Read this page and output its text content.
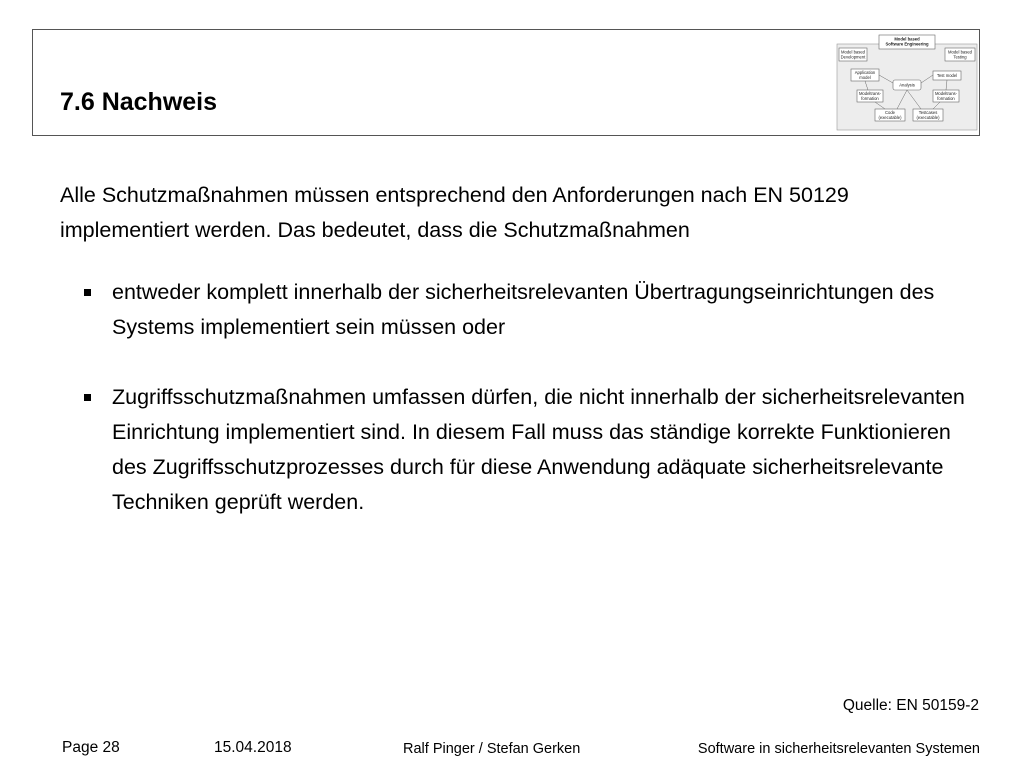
7.6 Nachweis
Model based
Software Engineering
Model based
Development
Model based
Testing
Application
model	Test model
Analysis
Modeltrans-
formation
Modeltrans-
formation
Code
(executable)
Testcases
(executable)

Alle Schutzmaßnahmen müssen entsprechend den Anforderungen nach EN 50129 implementiert werden. Das bedeutet, dass die Schutzmaßnahmen

entweder komplett innerhalb der sicherheitsrelevanten Übertragungseinrichtungen des Systems implementiert sein müssen oder
Zugriffsschutzmaßnahmen umfassen dürfen, die nicht innerhalb der sicherheitsrelevanten Einrichtung implementiert sind. In diesem Fall muss das ständige korrekte Funktionieren des Zugriffsschutzprozesses durch für diese Anwendung adäquate sicherheitsrelevante Techniken geprüft werden.
Quelle: EN 50159-2
Page 28	15.04.2018	Ralf Pinger / Stefan Gerken	Software in sicherheitsrelevanten Systemen
